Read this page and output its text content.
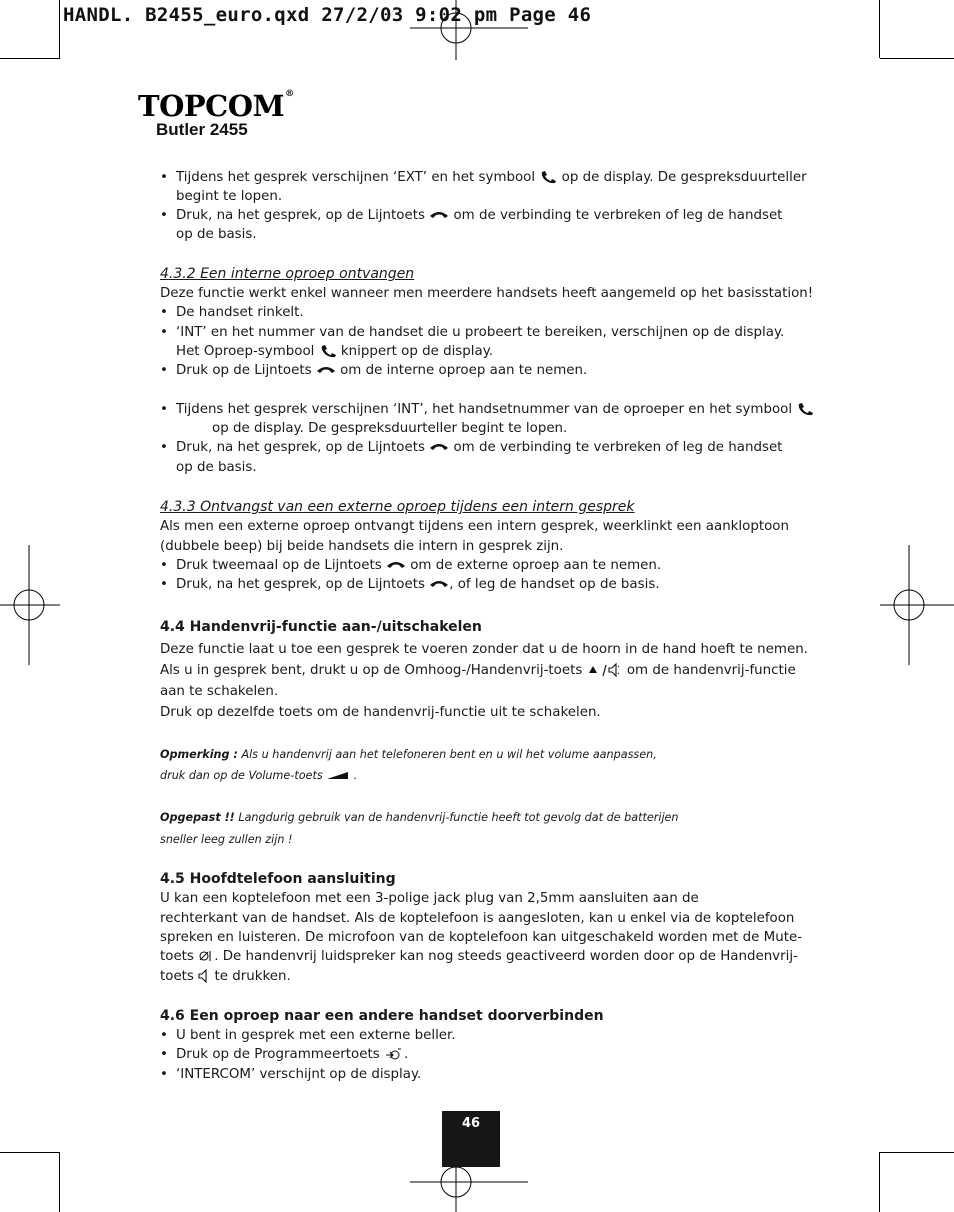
HANDL. B2455_euro.qxd 27/2/03 9:02 pm Page 46
TOPCOM®
Butler 2455
• Tijdens het gesprek verschijnen ‘EXT’ en het symbool op de display. De gespreksduurteller
begint te lopen.
• Druk, na het gesprek, op de Lijntoets om de verbinding te verbreken of leg de handset
op de basis.
4.3.2 Een interne oproep ontvangen
Deze functie werkt enkel wanneer men meerdere handsets heeft aangemeld op het basisstation!
• De handset rinkelt.
• ‘INT’ en het nummer van de handset die u probeert te bereiken, verschijnen op de display.
Het Oproep-symbool knippert op de display.
• Druk op de Lijntoets om de interne oproep aan te nemen.
• Tijdens het gesprek verschijnen ‘INT’, het handsetnummer van de oproeper en het symbool
op de display. De gespreksduurteller begint te lopen.
• Druk, na het gesprek, op de Lijntoets om de verbinding te verbreken of leg de handset
op de basis.
4.3.3 Ontvangst van een externe oproep tijdens een intern gesprek
Als men een externe oproep ontvangt tijdens een intern gesprek, weerklinkt een aankloptoon
(dubbele beep) bij beide handsets die intern in gesprek zijn.
• Druk tweemaal op de Lijntoets om de externe oproep aan te nemen.
• Druk, na het gesprek, op de Lijntoets , of leg de handset op de basis.
4.4 Handenvrij-functie aan-/uitschakelen
Deze functie laat u toe een gesprek te voeren zonder dat u de hoorn in de hand hoeft te nemen.
Als u in gesprek bent, drukt u op de Omhoog-/Handenvrij-toets	om de handenvrij-functie
aan te schakelen.
Druk op dezelfde toets om de handenvrij-functie uit te schakelen.
Opmerking : Als u handenvrij aan het telefoneren bent en u wil het volume aanpassen,
druk dan op de Volume-toets  .
Opgepast !! Langdurig gebruik van de handenvrij-functie heeft tot gevolg dat de batterijen
sneller leeg zullen zijn !
4.5 Hoofdtelefoon aansluiting
U kan een koptelefoon met een 3-polige jack plug van 2,5mm aansluiten aan de
rechterkant van de handset. Als de koptelefoon is aangesloten, kan u enkel via de koptelefoon
spreken en luisteren. De microfoon van de koptelefoon kan uitgeschakeld worden met de Mute-
toets . De handenvrij luidspreker kan nog steeds geactiveerd worden door op de Handenvrij-
toets te drukken.
4.6 Een oproep naar een andere handset doorverbinden
• U bent in gesprek met een externe beller.
• Druk op de Programmeertoets .
• ‘INTERCOM’ verschijnt op de display.
46
